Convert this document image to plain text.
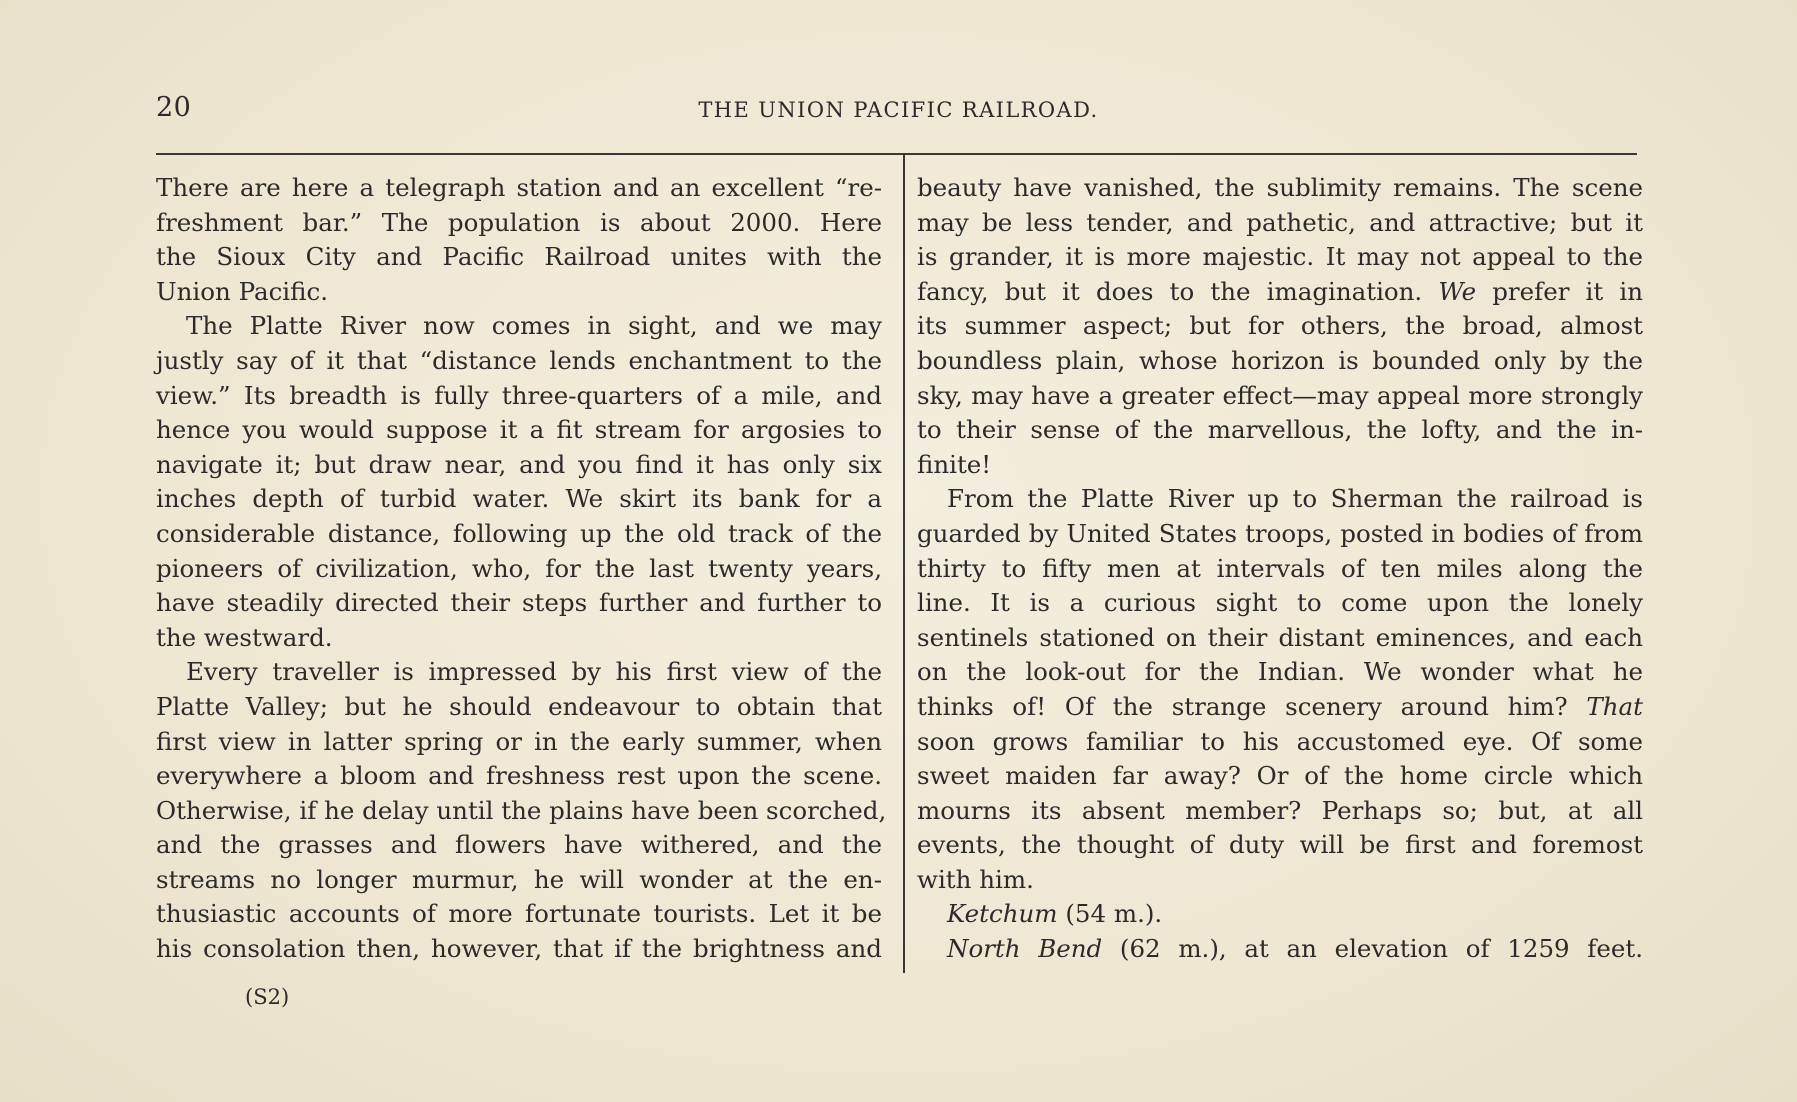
20	THE UNION PACIFIC RAILROAD.
There are here a telegraph station and an excellent “re-
freshment bar.” The population is about 2000. Here
the Sioux City and Pacific Railroad unites with the
Union Pacific.
The Platte River now comes in sight, and we may
justly say of it that “distance lends enchantment to the
view.” Its breadth is fully three-quarters of a mile, and
hence you would suppose it a fit stream for argosies to
navigate it; but draw near, and you find it has only six
inches depth of turbid water. We skirt its bank for a
considerable distance, following up the old track of the
pioneers of civilization, who, for the last twenty years,
have steadily directed their steps further and further to
the westward.
Every traveller is impressed by his first view of the
Platte Valley; but he should endeavour to obtain that
first view in latter spring or in the early summer, when
everywhere a bloom and freshness rest upon the scene.
Otherwise, if he delay until the plains have been scorched,
and the grasses and flowers have withered, and the
streams no longer murmur, he will wonder at the en-
thusiastic accounts of more fortunate tourists. Let it be
his consolation then, however, that if the brightness and
beauty have vanished, the sublimity remains. The scene
may be less tender, and pathetic, and attractive; but it
is grander, it is more majestic. It may not appeal to the
fancy, but it does to the imagination. We prefer it in
its summer aspect; but for others, the broad, almost
boundless plain, whose horizon is bounded only by the
sky, may have a greater effect—may appeal more strongly
to their sense of the marvellous, the lofty, and the in-
finite!
From the Platte River up to Sherman the railroad is
guarded by United States troops, posted in bodies of from
thirty to fifty men at intervals of ten miles along the
line. It is a curious sight to come upon the lonely
sentinels stationed on their distant eminences, and each
on the look-out for the Indian. We wonder what he
thinks of! Of the strange scenery around him? That
soon grows familiar to his accustomed eye. Of some
sweet maiden far away? Or of the home circle which
mourns its absent member? Perhaps so; but, at all
events, the thought of duty will be first and foremost
with him.
Ketchum (54 m.).
North Bend (62 m.), at an elevation of 1259 feet.
(S2)
